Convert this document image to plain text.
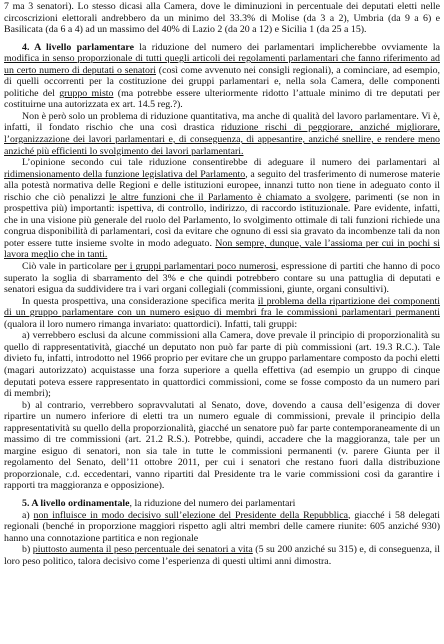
7 ma 3 senatori). Lo stesso dicasi alla Camera, dove le diminuzioni in percentuale dei deputati eletti nelle circoscrizioni elettorali andrebbero da un minimo del 33.3% di Molise (da 3 a 2), Umbria (da 9 a 6) e Basilicata (da 6 a 4) ad un massimo del 40% di Lazio 2 (da 20 a 12) e Sicilia 1 (da 25 a 15).

4. A livello parlamentare la riduzione del numero dei parlamentari implicherebbe ovviamente la modifica in senso proporzionale di tutti quegli articoli dei regolamenti parlamentari che fanno riferimento ad un certo numero di deputati o senatori (così come avvenuto nei consigli regionali), a cominciare, ad esempio, di quelli occorrenti per la costituzione dei gruppi parlamentari e, nella sola Camera, delle componenti politiche del gruppo misto (ma potrebbe essere ulteriormente ridotto l’attuale minimo di tre deputati per costituirne una autorizzata ex art. 14.5 reg.?).

Non è però solo un problema di riduzione quantitativa, ma anche di qualità del lavoro parlamentare. Vi è, infatti, il fondato rischio che una così drastica riduzione rischi di peggiorare, anziché migliorare, l’organizzazione dei lavori parlamentari e, di conseguenza, di appesantire, anziché snellire, e rendere meno anziché più efficienti lo svolgimento dei lavori parlamentari.

L’opinione secondo cui tale riduzione consentirebbe di adeguare il numero dei parlamentari al ridimensionamento della funzione legislativa del Parlamento, a seguito del trasferimento di numerose materie alla potestà normativa delle Regioni e delle istituzioni europee, innanzi tutto non tiene in adeguato conto il rischio che ciò penalizzi le altre funzioni che il Parlamento è chiamato a svolgere, parimenti (se non in prospettiva più) importanti: ispettiva, di controllo, indirizzo, di raccordo istituzionale. Pare evidente, infatti, che in una visione più generale del ruolo del Parlamento, lo svolgimento ottimale di tali funzioni richiede una congrua disponibilità di parlamentari, così da evitare che ognuno di essi sia gravato da incombenze tali da non poter essere tutte insieme svolte in modo adeguato. Non sempre, dunque, vale l’assioma per cui in pochi si lavora meglio che in tanti.

Ciò vale in particolare per i gruppi parlamentari poco numerosi, espressione di partiti che hanno di poco superato la soglia di sbarramento del 3% e che quindi potrebbero contare su una pattuglia di deputati e senatori esigua da suddividere tra i vari organi collegiali (commissioni, giunte, organi consultivi).

In questa prospettiva, una considerazione specifica merita il problema della ripartizione dei componenti di un gruppo parlamentare con un numero esiguo di membri fra le commissioni parlamentari permanenti (qualora il loro numero rimanga invariato: quattordici). Infatti, tali gruppi:

a) verrebbero esclusi da alcune commissioni alla Camera, dove prevale il principio di proporzionalità su quello di rappresentatività, giacché un deputato non può far parte di più commissioni (art. 19.3 R.C.). Tale divieto fu, infatti, introdotto nel 1966 proprio per evitare che un gruppo parlamentare composto da pochi eletti (magari autorizzato) acquistasse una forza superiore a quella effettiva (ad esempio un gruppo di cinque deputati poteva essere rappresentato in quattordici commissioni, come se fosse composto da un numero pari di membri);

b) al contrario, verrebbero sopravvalutati al Senato, dove, dovendo a causa dell’esigenza di dover ripartire un numero inferiore di eletti tra un numero eguale di commissioni, prevale il principio della rappresentatività su quello della proporzionalità, giacché un senatore può far parte contemporaneamente di un massimo di tre commissioni (art. 21.2 R.S.). Potrebbe, quindi, accadere che la maggioranza, tale per un margine esiguo di senatori, non sia tale in tutte le commissioni permanenti (v. parere Giunta per il regolamento del Senato, dell’11 ottobre 2011, per cui i senatori che restano fuori dalla distribuzione proporzionale, c.d. eccedentari, vanno ripartiti dal Presidente tra le varie commissioni così da garantire i rapporti tra maggioranza e opposizione).

5. A livello ordinamentale, la riduzione del numero dei parlamentari

a) non influisce in modo decisivo sull’elezione del Presidente della Repubblica, giacché i 58 delegati regionali (benché in proporzione maggiori rispetto agli altri membri delle camere riunite: 605 anziché 930) hanno una connotazione partitica e non regionale

b) piuttosto aumenta il peso percentuale dei senatori a vita (5 su 200 anziché su 315) e, di conseguenza, il loro peso politico, talora decisivo come l’esperienza di questi ultimi anni dimostra.
